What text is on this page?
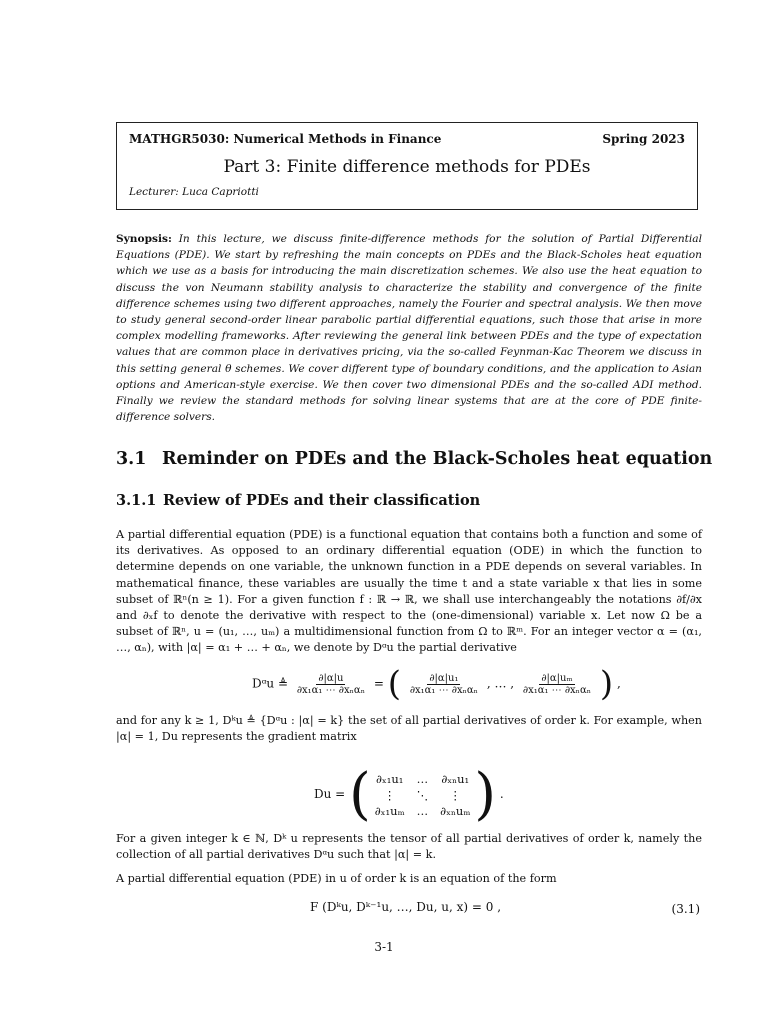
MATHGR5030: Numerical Methods in Finance	Spring 2023
Part 3: Finite difference methods for PDEs
Lecturer: Luca Capriotti
Synopsis: In this lecture, we discuss finite-difference methods for the solution of Partial Differential Equations (PDE). We start by refreshing the main concepts on PDEs and the Black-Scholes heat equation which we use as a basis for introducing the main discretization schemes. We also use the heat equation to discuss the von Neumann stability analysis to characterize the stability and convergence of the finite difference schemes using two different approaches, namely the Fourier and spectral analysis. We then move to study general second-order linear parabolic partial differential equations, such those that arise in more complex modelling frameworks. After reviewing the general link between PDEs and the type of expectation values that are common place in derivatives pricing, via the so-called Feynman-Kac Theorem we discuss in this setting general θ schemes. We cover different type of boundary conditions, and the application to Asian options and American-style exercise. We then cover two dimensional PDEs and the so-called ADI method. Finally we review the standard methods for solving linear systems that are at the core of PDE finite-difference solvers.
3.1 Reminder on PDEs and the Black-Scholes heat equation
3.1.1 Review of PDEs and their classification
A partial differential equation (PDE) is a functional equation that contains both a function and some of its derivatives. As opposed to an ordinary differential equation (ODE) in which the function to determine depends on one variable, the unknown function in a PDE depends on several variables. In mathematical finance, these variables are usually the time t and a state variable x that lies in some subset of ℝⁿ(n ≥ 1). For a given function f : ℝ → ℝ, we shall use interchangeably the notations ∂f/∂x and ∂ₓf to denote the derivative with respect to the (one-dimensional) variable x. Let now Ω be a subset of ℝⁿ, u = (u₁, …, uₘ) a multidimensional function from Ω to ℝᵐ. For an integer vector α = (α₁, …, αₙ), with |α| = α₁ + … + αₙ, we denote by Dᵅu the partial derivative
Dᵅu ≜ $\frac{\partial|\alpha|u}{\text{∂x₁α₁ ⋯ ∂xₙαₙ}}$ = ( $\frac{\text{∂|α|u₁}}{\text{∂x₁α₁ ⋯ ∂xₙαₙ}}$ , … , $\frac{\text{∂|α|uₘ}}{\text{∂x₁α₁ ⋯ ∂xₙαₙ}}$ ) ,
and for any k ≥ 1, Dᵏu ≜ {Dᵅu : |α| = k} the set of all partial derivatives of order k. For example, when |α| = 1, Du represents the gradient matrix
Du = ( ∂ₓ₁u₁ … ∂ₓₙu₁
⋮	⋱	⋮
∂ₓ₁uₘ … ∂ₓₙuₘ ) .
For a given integer k ∈ ℕ, Dᵏ u represents the tensor of all partial derivatives of order k, namely the collection of all partial derivatives Dᵅu such that |α| = k.
A partial differential equation (PDE) in u of order k is an equation of the form
F (Dᵏu, Dᵏ⁻¹u, …, Du, u, x) = 0 ,	(3.1)
3-1
